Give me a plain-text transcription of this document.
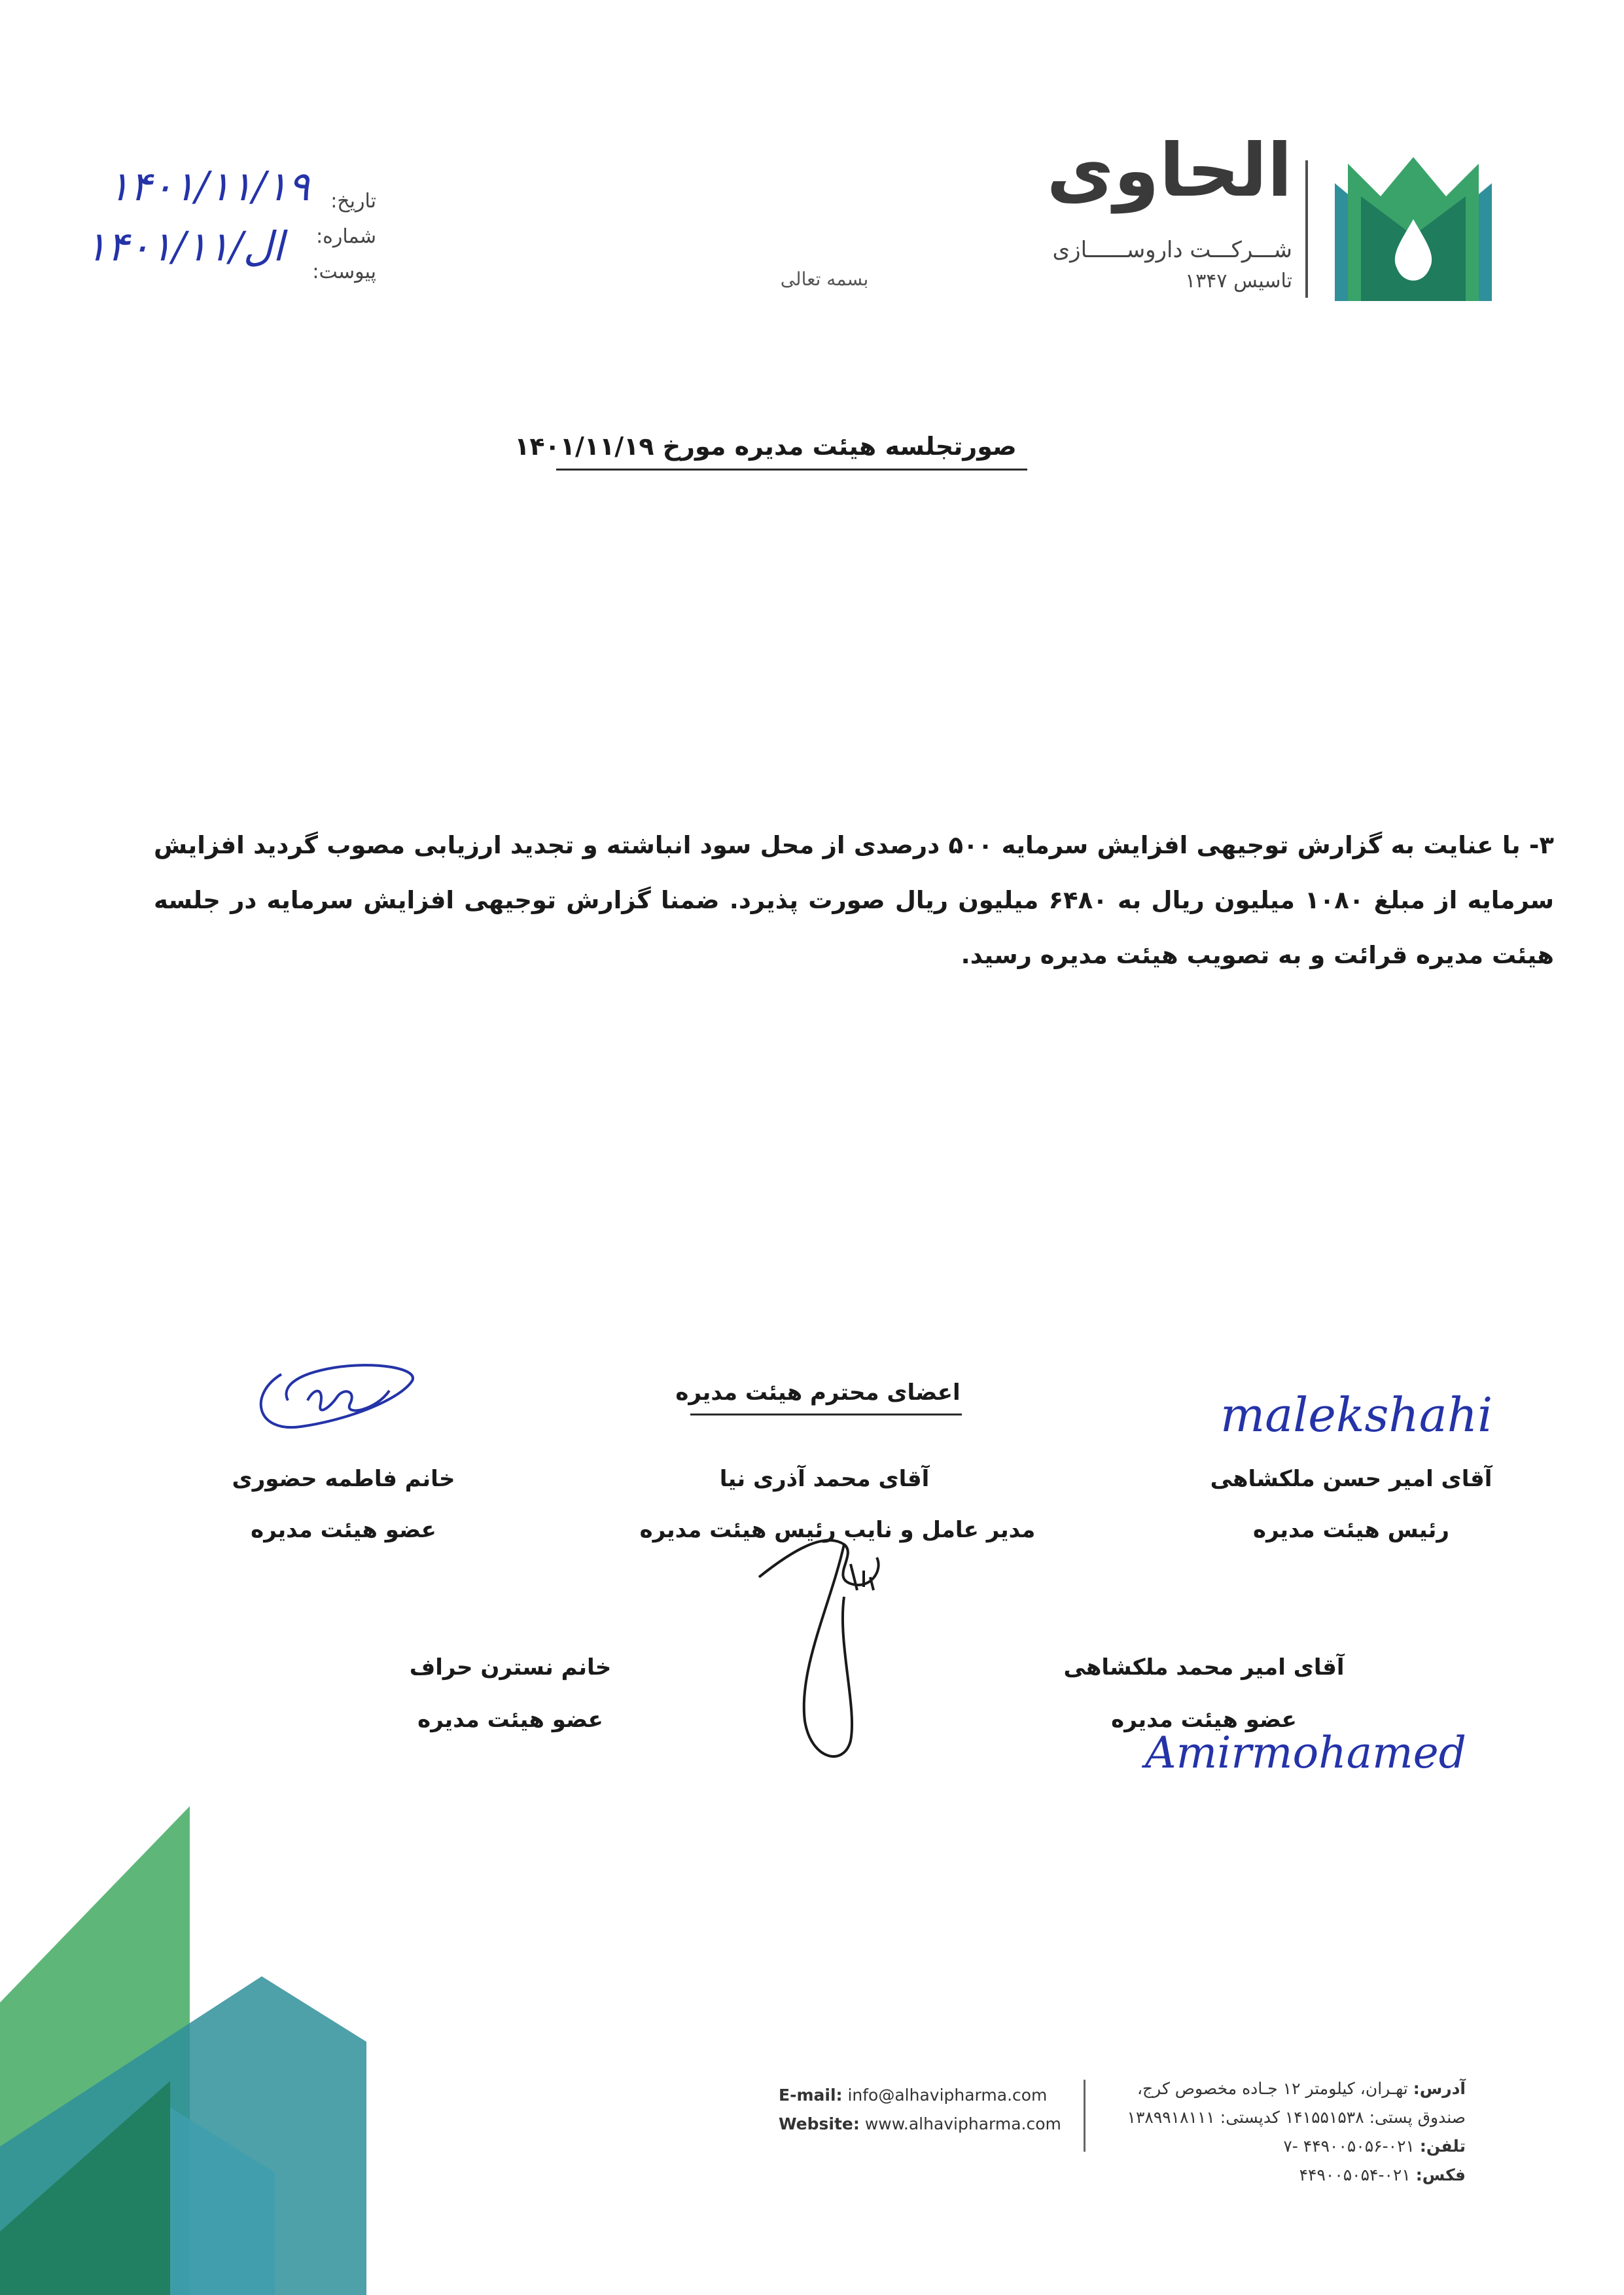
الحاوی
شـــرکـــت داروســــــازی
تاسیس ۱۳۴۷
بسمه تعالی
تاریخ:
شماره:
پیوست:
۱۴۰۱/۱۱/۱۹
۱۴۰۱/۱۱/ال
صورتجلسه هیئت مدیره مورخ ۱۴۰۱/۱۱/۱۹
۳- با عنایت به گزارش توجیهی افزایش سرمایه ۵۰۰ درصدی از محل سود انباشته و تجدید ارزیابی مصوب گردید افزایش سرمایه از مبلغ ۱۰۸۰ میلیون ریال به ۶۴۸۰ میلیون ریال صورت پذیرد. ضمنا گزارش توجیهی افزایش سرمایه در جلسه هیئت مدیره قرائت و به تصویب هیئت مدیره رسید.
اعضای محترم هیئت مدیره	malekshahi
آقای امیر حسن ملکشاهی
رئیس هیئت مدیره
آقای محمد آذری نیا
مدیر عامل و نایب رئیس هیئت مدیره
خانم فاطمه حضوری
عضو هیئت مدیره
آقای امیر محمد ملکشاهی
عضو هیئت مدیره
Amirmohamed
خانم نسترن حراف
عضو هیئت مدیره
آدرس: تهـران، کیلومتر ۱۲ جـاده مخصوص کرج،
صندوق پستی: ۱۴۱۵۵۱۵۳۸ کدپستی: ۱۳۸۹۹۱۸۱۱۱
تلفن: ۰۲۱-۴۴۹۰۰۵۰۵۶ -۷
فکس: ۰۲۱-۴۴۹۰۰۵۰۵۴
E-mail: info@alhavipharma.com
Website: www.alhavipharma.com
